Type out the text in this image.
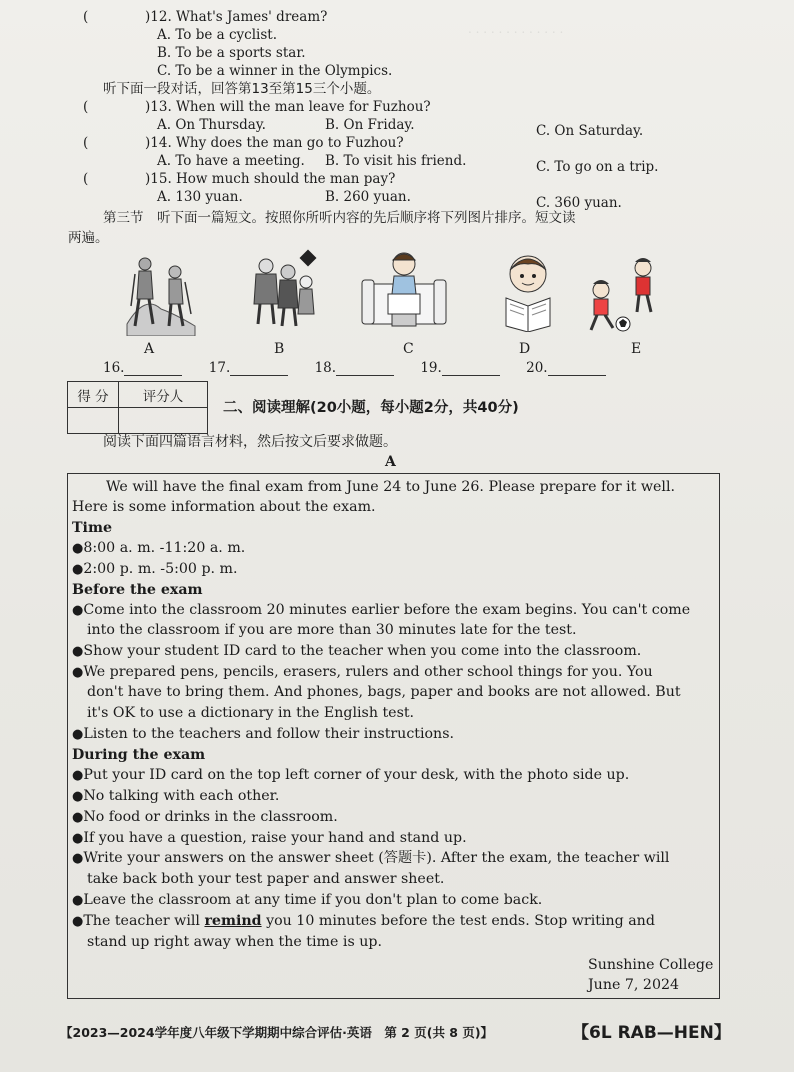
. . . . . . . . . . . . .
(	)12. What's James' dream?
A. To be a cyclist.
B. To be a sports star.
C. To be a winner in the Olympics.
听下面一段对话，回答第13至第15三个小题。
(	)13. When will the man leave for Fuzhou?
A. On Thursday.	B. On Friday.	C. On Saturday.
(	)14. Why does the man go to Fuzhou?
A. To have a meeting. B. To visit his friend.	C. To go on a trip.
(	)15. How much should the man pay?
A. 130 yuan.	B. 260 yuan.	C. 360 yuan.
第三节　听下面一篇短文。按照你所听内容的先后顺序将下列图片排序。短文读
两遍。
A	B	C	D	E
16.	17.	18.	19.	20.
得 分	评分人

二、阅读理解(20小题，每小题2分，共40分)
阅读下面四篇语言材料，然后按文后要求做题。
A
We will have the final exam from June 24 to June 26. Please prepare for it well.
Here is some information about the exam.
Time
●8:00 a. m. -11:20 a. m.
●2:00 p. m. -5:00 p. m.
Before the exam
●Come into the classroom 20 minutes earlier before the exam begins. You can't come
into the classroom if you are more than 30 minutes late for the test.
●Show your student ID card to the teacher when you come into the classroom.
●We prepared pens, pencils, erasers, rulers and other school things for you. You
don't have to bring them. And phones, bags, paper and books are not allowed. But
it's OK to use a dictionary in the English test.
●Listen to the teachers and follow their instructions.
During the exam
●Put your ID card on the top left corner of your desk, with the photo side up.
●No talking with each other.
●No food or drinks in the classroom.
●If you have a question, raise your hand and stand up.
●Write your answers on the answer sheet (答题卡). After the exam, the teacher will
take back both your test paper and answer sheet.
●Leave the classroom at any time if you don't plan to come back.
●The teacher will remind you 10 minutes before the test ends. Stop writing and
stand up right away when the time is up.
Sunshine College
June 7, 2024
【2023—2024学年度八年级下学期期中综合评估·英语　第 2 页(共 8 页)】	【6L RAB—HEN】
